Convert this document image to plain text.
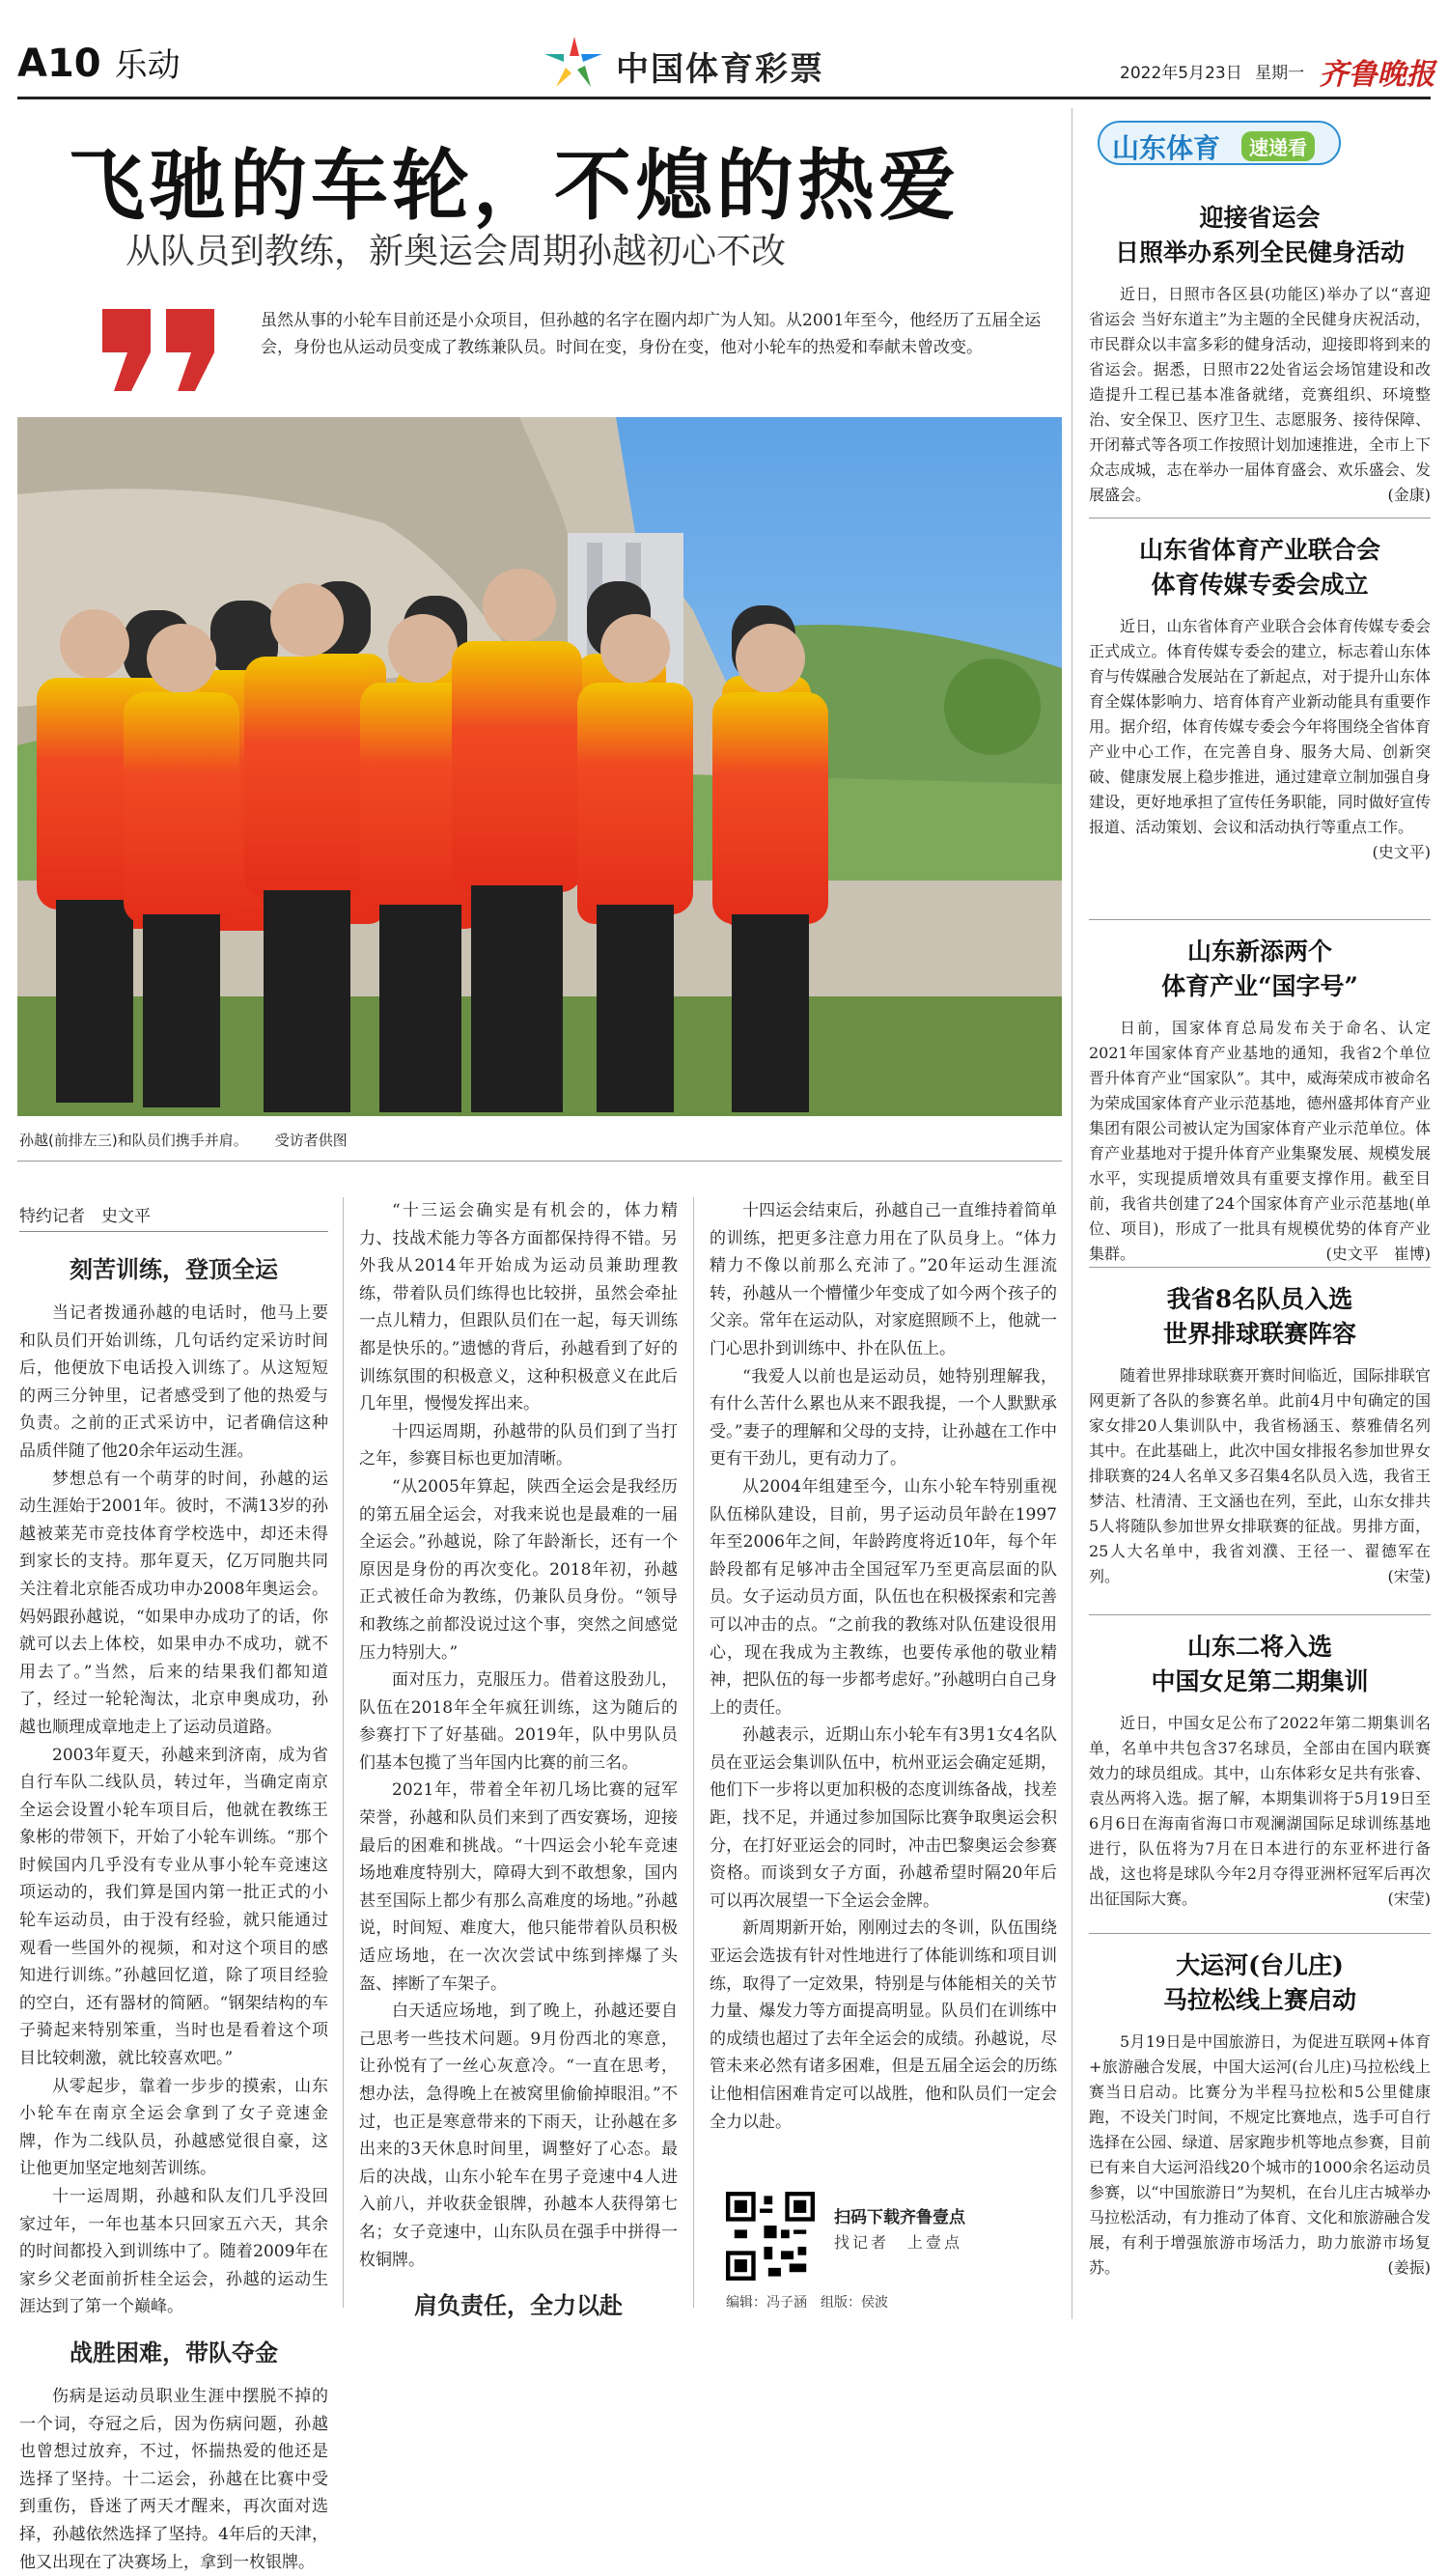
A10 乐动	中国体育彩票	2022年5月23日 星期一 齐鲁晚报
飞驰的车轮，不熄的热爱
从队员到教练，新奥运会周期孙越初心不改
虽然从事的小轮车目前还是小众项目，但孙越的名字在圈内却广为人知。从2001年至今，他经历了五届全运会，身份也从运动员变成了教练兼队员。时间在变，身份在变，他对小轮车的热爱和奉献未曾改变。
孙越(前排左三)和队员们携手并肩。 受访者供图
特约记者　史文平
刻苦训练，登顶全运

当记者拨通孙越的电话时，他马上要和队员们开始训练，几句话约定采访时间后，他便放下电话投入训练了。从这短短的两三分钟里，记者感受到了他的热爱与负责。之前的正式采访中，记者确信这种品质伴随了他20余年运动生涯。

梦想总有一个萌芽的时间，孙越的运动生涯始于2001年。彼时，不满13岁的孙越被莱芜市竞技体育学校选中，却还未得到家长的支持。那年夏天，亿万同胞共同关注着北京能否成功申办2008年奥运会。妈妈跟孙越说，“如果申办成功了的话，你就可以去上体校，如果申办不成功，就不用去了。”当然，后来的结果我们都知道了，经过一轮轮淘汰，北京申奥成功，孙越也顺理成章地走上了运动员道路。

2003年夏天，孙越来到济南，成为省自行车队二线队员，转过年，当确定南京全运会设置小轮车项目后，他就在教练王象彬的带领下，开始了小轮车训练。“那个时候国内几乎没有专业从事小轮车竞速这项运动的，我们算是国内第一批正式的小轮车运动员，由于没有经验，就只能通过观看一些国外的视频，和对这个项目的感知进行训练。”孙越回忆道，除了项目经验的空白，还有器材的简陋。“钢架结构的车子骑起来特别笨重，当时也是看着这个项目比较刺激，就比较喜欢吧。”

从零起步，靠着一步步的摸索，山东小轮车在南京全运会拿到了女子竞速金牌，作为二线队员，孙越感觉很自豪，这让他更加坚定地刻苦训练。

十一运周期，孙越和队友们几乎没回家过年，一年也基本只回家五六天，其余的时间都投入到训练中了。随着2009年在家乡父老面前折桂全运会，孙越的运动生涯达到了第一个巅峰。

战胜困难，带队夺金

伤病是运动员职业生涯中摆脱不掉的一个词，夺冠之后，因为伤病问题，孙越也曾想过放弃，不过，怀揣热爱的他还是选择了坚持。十二运会，孙越在比赛中受到重伤，昏迷了两天才醒来，再次面对选择，孙越依然选择了坚持。4年后的天津，他又出现在了决赛场上，拿到一枚银牌。

“十三运会确实是有机会的，体力精力、技战术能力等各方面都保持得不错。另外我从2014年开始成为运动员兼助理教练，带着队员们练得也比较拼，虽然会牵扯一点儿精力，但跟队员们在一起，每天训练都是快乐的。”遗憾的背后，孙越看到了好的训练氛围的积极意义，这种积极意义在此后几年里，慢慢发挥出来。

十四运周期，孙越带的队员们到了当打之年，参赛目标也更加清晰。

“从2005年算起，陕西全运会是我经历的第五届全运会，对我来说也是最难的一届全运会。”孙越说，除了年龄渐长，还有一个原因是身份的再次变化。2018年初，孙越正式被任命为教练，仍兼队员身份。“领导和教练之前都没说过这个事，突然之间感觉压力特别大。”

面对压力，克服压力。借着这股劲儿，队伍在2018年全年疯狂训练，这为随后的参赛打下了好基础。2019年，队中男队员们基本包揽了当年国内比赛的前三名。

2021年，带着全年初几场比赛的冠军荣誉，孙越和队员们来到了西安赛场，迎接最后的困难和挑战。“十四运会小轮车竞速场地难度特别大，障碍大到不敢想象，国内甚至国际上都少有那么高难度的场地。”孙越说，时间短、难度大，他只能带着队员积极适应场地，在一次次尝试中练到摔爆了头盔、摔断了车架子。

白天适应场地，到了晚上，孙越还要自己思考一些技术问题。9月份西北的寒意，让孙悦有了一丝心灰意冷。“一直在思考，想办法，急得晚上在被窝里偷偷掉眼泪。”不过，也正是寒意带来的下雨天，让孙越在多出来的3天休息时间里，调整好了心态。最后的决战，山东小轮车在男子竞速中4人进入前八，并收获金银牌，孙越本人获得第七名；女子竞速中，山东队员在强手中拼得一枚铜牌。

肩负责任，全力以赴

十四运会结束后，孙越自己一直维持着简单的训练，把更多注意力用在了队员身上。“体力精力不像以前那么充沛了。”20年运动生涯流转，孙越从一个懵懂少年变成了如今两个孩子的父亲。常年在运动队，对家庭照顾不上，他就一门心思扑到训练中、扑在队伍上。

“我爱人以前也是运动员，她特别理解我，有什么苦什么累也从来不跟我提，一个人默默承受。”妻子的理解和父母的支持，让孙越在工作中更有干劲儿，更有动力了。

从2004年组建至今，山东小轮车特别重视队伍梯队建设，目前，男子运动员年龄在1997年至2006年之间，年龄跨度将近10年，每个年龄段都有足够冲击全国冠军乃至更高层面的队员。女子运动员方面，队伍也在积极探索和完善可以冲击的点。“之前我的教练对队伍建设很用心，现在我成为主教练，也要传承他的敬业精神，把队伍的每一步都考虑好。”孙越明白自己身上的责任。

孙越表示，近期山东小轮车有3男1女4名队员在亚运会集训队伍中，杭州亚运会确定延期，他们下一步将以更加积极的态度训练备战，找差距，找不足，并通过参加国际比赛争取奥运会积分，在打好亚运会的同时，冲击巴黎奥运会参赛资格。而谈到女子方面，孙越希望时隔20年后可以再次展望一下全运会金牌。

新周期新开始，刚刚过去的冬训，队伍围绕亚运会选拔有针对性地进行了体能训练和项目训练，取得了一定效果，特别是与体能相关的关节力量、爆发力等方面提高明显。队员们在训练中的成绩也超过了去年全运会的成绩。孙越说，尽管未来必然有诸多困难，但是五届全运会的历练让他相信困难肯定可以战胜，他和队员们一定会全力以赴。

扫码下载齐鲁壹点
找记者　上壹点
编辑：冯子涵　组版：侯波
山东体育	速递看
迎接省运会
日照举办系列全民健身活动
近日，日照市各区县(功能区)举办了以“喜迎省运会 当好东道主”为主题的全民健身庆祝活动，市民群众以丰富多彩的健身活动，迎接即将到来的省运会。据悉，日照市22处省运会场馆建设和改造提升工程已基本准备就绪，竞赛组织、环境整治、安全保卫、医疗卫生、志愿服务、接待保障、开闭幕式等各项工作按照计划加速推进，全市上下众志成城，志在举办一届体育盛会、欢乐盛会、发展盛会。	(金康)
山东省体育产业联合会
体育传媒专委会成立
近日，山东省体育产业联合会体育传媒专委会正式成立。体育传媒专委会的建立，标志着山东体育与传媒融合发展站在了新起点，对于提升山东体育全媒体影响力、培育体育产业新动能具有重要作用。据介绍，体育传媒专委会今年将围绕全省体育产业中心工作，在完善自身、服务大局、创新突破、健康发展上稳步推进，通过建章立制加强自身建设，更好地承担了宣传任务职能，同时做好宣传报道、活动策划、会议和活动执行等重点工作。
(史文平)
山东新添两个
体育产业“国字号”
日前，国家体育总局发布关于命名、认定2021年国家体育产业基地的通知，我省2个单位晋升体育产业“国家队”。其中，威海荣成市被命名为荣成国家体育产业示范基地，德州盛邦体育产业集团有限公司被认定为国家体育产业示范单位。体育产业基地对于提升体育产业集聚发展、规模发展水平，实现提质增效具有重要支撑作用。截至目前，我省共创建了24个国家体育产业示范基地(单位、项目)，形成了一批具有规模优势的体育产业集群。	(史文平　崔博)
我省8名队员入选
世界排球联赛阵容
随着世界排球联赛开赛时间临近，国际排联官网更新了各队的参赛名单。此前4月中旬确定的国家女排20人集训队中，我省杨涵玉、蔡雅倩名列其中。在此基础上，此次中国女排报名参加世界女排联赛的24人名单又多召集4名队员入选，我省王梦洁、杜清清、王文涵也在列，至此，山东女排共5人将随队参加世界女排联赛的征战。男排方面，25人大名单中，我省刘濮、王径一、翟德军在列。	(宋莹)
山东二将入选
中国女足第二期集训
近日，中国女足公布了2022年第二期集训名单，名单中共包含37名球员，全部由在国内联赛效力的球员组成。其中，山东体彩女足共有张睿、袁丛两将入选。据了解，本期集训将于5月19日至6月6日在海南省海口市观澜湖国际足球训练基地进行，队伍将为7月在日本进行的东亚杯进行备战，这也将是球队今年2月夺得亚洲杯冠军后再次出征国际大赛。	(宋莹)
大运河(台儿庄)
马拉松线上赛启动
5月19日是中国旅游日，为促进互联网+体育+旅游融合发展，中国大运河(台儿庄)马拉松线上赛当日启动。比赛分为半程马拉松和5公里健康跑，不设关门时间，不规定比赛地点，选手可自行选择在公园、绿道、居家跑步机等地点参赛，目前已有来自大运河沿线20个城市的1000余名运动员参赛，以“中国旅游日”为契机，在台儿庄古城举办马拉松活动，有力推动了体育、文化和旅游融合发展，有利于增强旅游市场活力，助力旅游市场复苏。	(姜振)
